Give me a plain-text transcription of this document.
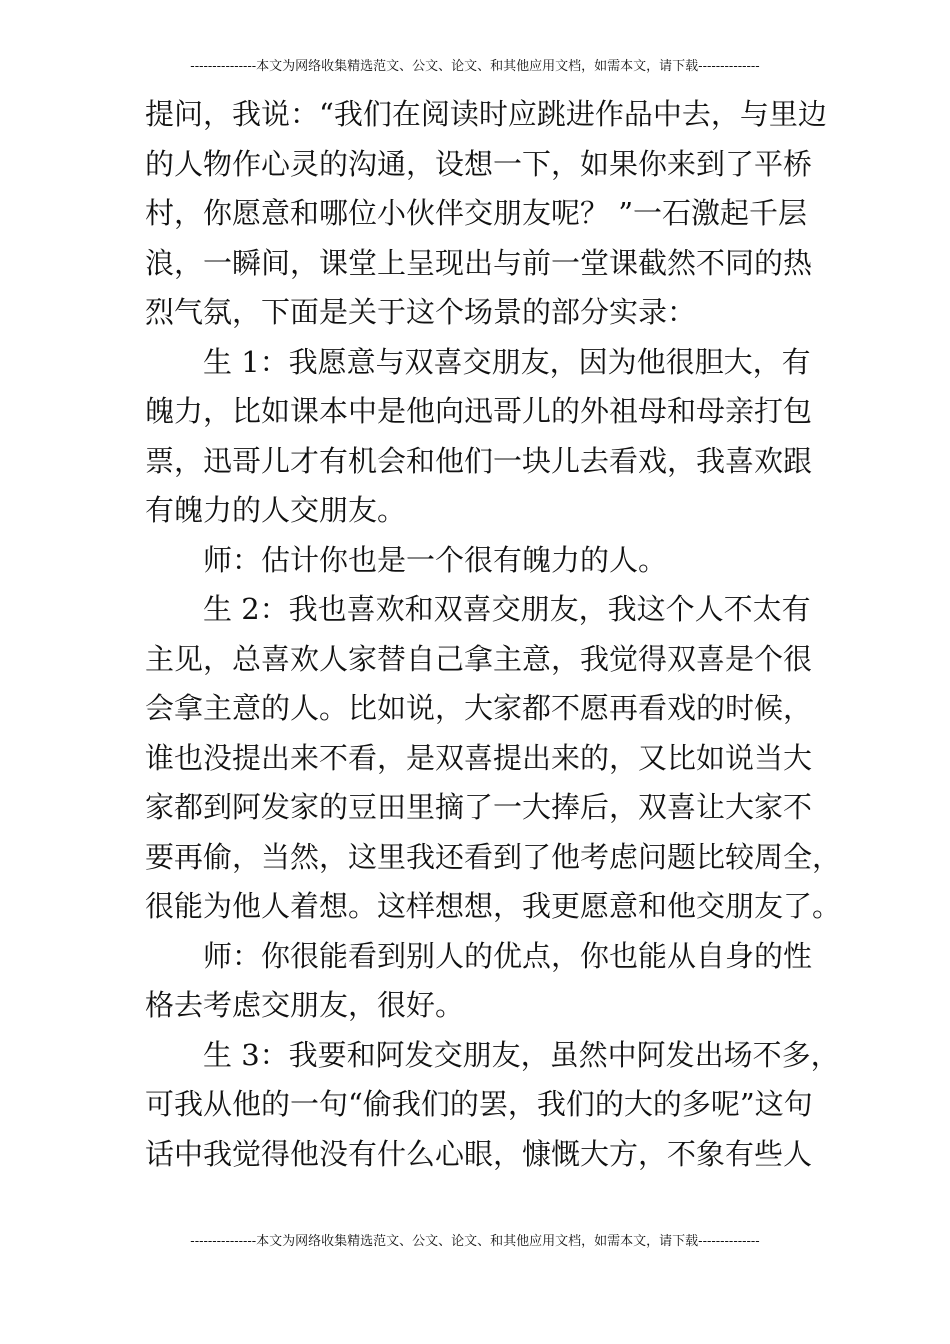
---------------本文为网络收集精选范文、公文、论文、和其他应用文档，如需本文，请下载--------------
提问，我说：“我们在阅读时应跳进作品中去，与里边
的人物作心灵的沟通，设想一下，如果你来到了平桥
村，你愿意和哪位小伙伴交朋友呢？ ”一石激起千层
浪，一瞬间，课堂上呈现出与前一堂课截然不同的热
烈气氛，下面是关于这个场景的部分实录：
生 1：我愿意与双喜交朋友，因为他很胆大，有
魄力，比如课本中是他向迅哥儿的外祖母和母亲打包
票，迅哥儿才有机会和他们一块儿去看戏，我喜欢跟
有魄力的人交朋友。
师：估计你也是一个很有魄力的人。
生 2：我也喜欢和双喜交朋友，我这个人不太有
主见，总喜欢人家替自己拿主意，我觉得双喜是个很
会拿主意的人。比如说，大家都不愿再看戏的时候，
谁也没提出来不看，是双喜提出来的，又比如说当大
家都到阿发家的豆田里摘了一大捧后，双喜让大家不
要再偷，当然，这里我还看到了他考虑问题比较周全，
很能为他人着想。这样想想，我更愿意和他交朋友了。
师：你很能看到别人的优点，你也能从自身的性
格去考虑交朋友，很好。
生 3：我要和阿发交朋友，虽然中阿发出场不多，
可我从他的一句“偷我们的罢，我们的大的多呢”这句
话中我觉得他没有什么心眼，慷慨大方，不象有些人
---------------本文为网络收集精选范文、公文、论文、和其他应用文档，如需本文，请下载--------------
